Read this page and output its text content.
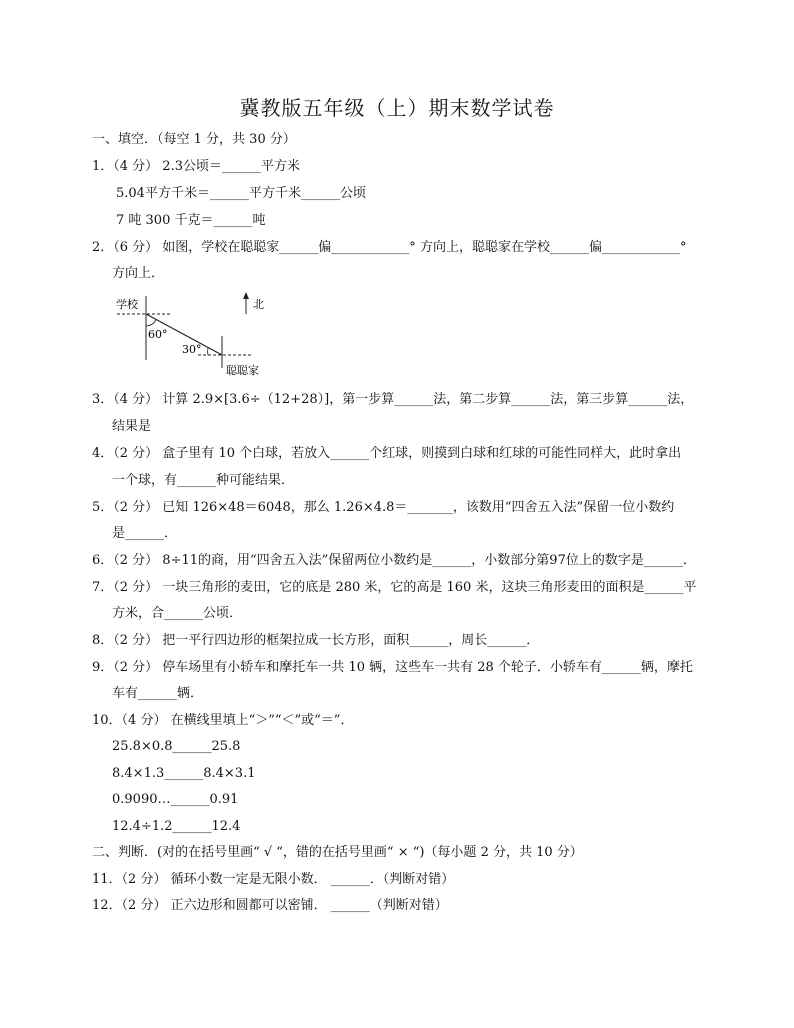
冀教版五年级（上）期末数学试卷
一、填空．（每空 1 分，共 30 分）
1．（4 分） 2.3公顷＝______平方米
5.04平方千米＝______平方千米______公顷
7 吨 300 千克＝______吨
2．（6 分） 如图，学校在聪聪家______偏____________° 方向上，聪聪家在学校______偏____________°
方向上．
学校
60°
30°
北
聪聪家
3．（4 分） 计算 2.9×[3.6÷（12+28）]，第一步算______法，第二步算______法，第三步算______法，
结果是
4．（2 分） 盒子里有 10 个白球，若放入______个红球，则摸到白球和红球的可能性同样大，此时拿出
一个球，有______种可能结果．
5．（2 分） 已知 126×48＝6048，那么 1.26×4.8＝_______，该数用“四舍五入法”保留一位小数约
是______．
6．（2 分） 8÷11的商，用“四舍五入法”保留两位小数约是______，小数部分第97位上的数字是______．
7．（2 分） 一块三角形的麦田，它的底是 280 米，它的高是 160 米，这块三角形麦田的面积是______平
方米，合______公顷．
8．（2 分） 把一平行四边形的框架拉成一长方形，面积______，周长______．
9．（2 分） 停车场里有小轿车和摩托车一共 10 辆，这些车一共有 28 个轮子．小轿车有______辆，摩托
车有______辆．
10．（4 分） 在横线里填上“＞”“＜”或“＝”．
25.8×0.8______25.8
8.4×1.3______8.4×3.1
0.9090…______0.91
12.4÷1.2______12.4
二、判断．(对的在括号里画“ √ “，错的在括号里画“ × “)（每小题 2 分，共 10 分）
11．（2 分） 循环小数一定是无限小数． ______．（判断对错）
12．（2 分） 正六边形和圆都可以密铺． ______（判断对错）
